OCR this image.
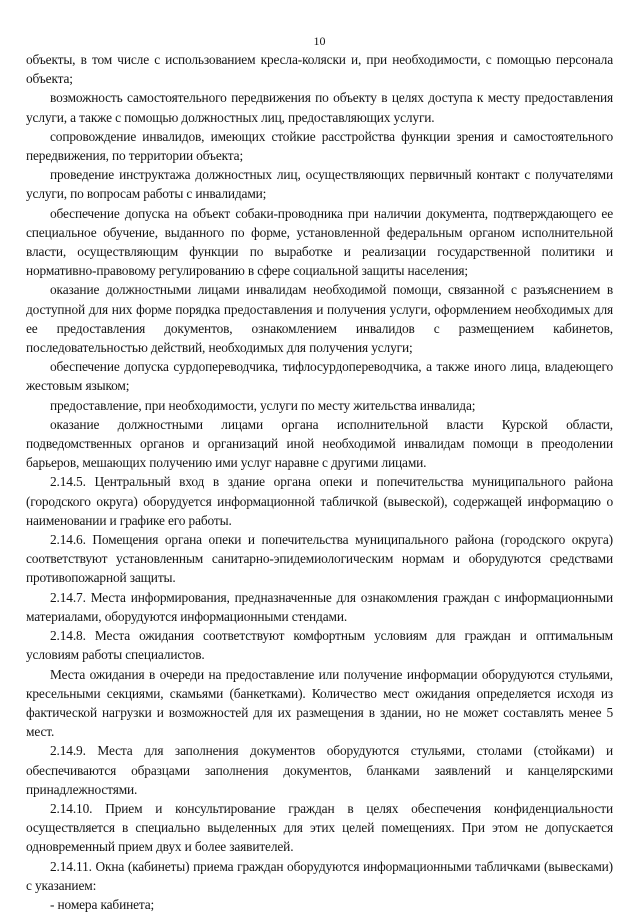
10

объекты, в том числе с использованием кресла-коляски и, при необходимости, с помощью персонала объекта;

возможность самостоятельного передвижения по объекту в целях доступа к месту предоставления услуги, а также с помощью должностных лиц, предоставляющих услуги.

сопровождение инвалидов, имеющих стойкие расстройства функции зрения и самостоятельного передвижения, по территории объекта;

проведение инструктажа должностных лиц, осуществляющих первичный контакт с получателями услуги, по вопросам работы с инвалидами;

обеспечение допуска на объект собаки-проводника при наличии документа, подтверждающего ее специальное обучение, выданного по форме, установленной федеральным органом исполнительной власти, осуществляющим функции по выработке и реализации государственной политики и нормативно-правовому регулированию в сфере социальной защиты населения;

оказание должностными лицами инвалидам необходимой помощи, связанной с разъяснением в доступной для них форме порядка предоставления и получения услуги, оформлением необходимых для ее предоставления документов, ознакомлением инвалидов с размещением кабинетов, последовательностью действий, необходимых для получения услуги;

обеспечение допуска сурдопереводчика, тифлосурдопереводчика, а также иного лица, владеющего жестовым языком;

предоставление, при необходимости, услуги по месту жительства инвалида;

оказание должностными лицами органа исполнительной власти Курской области, подведомственных органов и организаций иной необходимой инвалидам помощи в преодолении барьеров, мешающих получению ими услуг наравне с другими лицами.

2.14.5. Центральный вход в здание органа опеки и попечительства муниципального района (городского округа) оборудуется информационной табличкой (вывеской), содержащей информацию о наименовании и графике его работы.

2.14.6. Помещения органа опеки и попечительства муниципального района (городского округа) соответствуют установленным санитарно-эпидемиологическим нормам и оборудуются средствами противопожарной защиты.

2.14.7. Места информирования, предназначенные для ознакомления граждан с информационными материалами, оборудуются информационными стендами.

2.14.8. Места ожидания соответствуют комфортным условиям для граждан и оптимальным условиям работы специалистов.

Места ожидания в очереди на предоставление или получение информации оборудуются стульями, кресельными секциями, скамьями (банкетками). Количество мест ожидания определяется исходя из фактической нагрузки и возможностей для их размещения в здании, но не может составлять менее 5 мест.

2.14.9. Места для заполнения документов оборудуются стульями, столами (стойками) и обеспечиваются образцами заполнения документов, бланками заявлений и канцелярскими принадлежностями.

2.14.10. Прием и консультирование граждан в целях обеспечения конфиденциальности осуществляется в специально выделенных для этих целей помещениях. При этом не допускается одновременный прием двух и более заявителей.

2.14.11. Окна (кабинеты) приема граждан оборудуются информационными табличками (вывесками) с указанием:

- номера кабинета;
